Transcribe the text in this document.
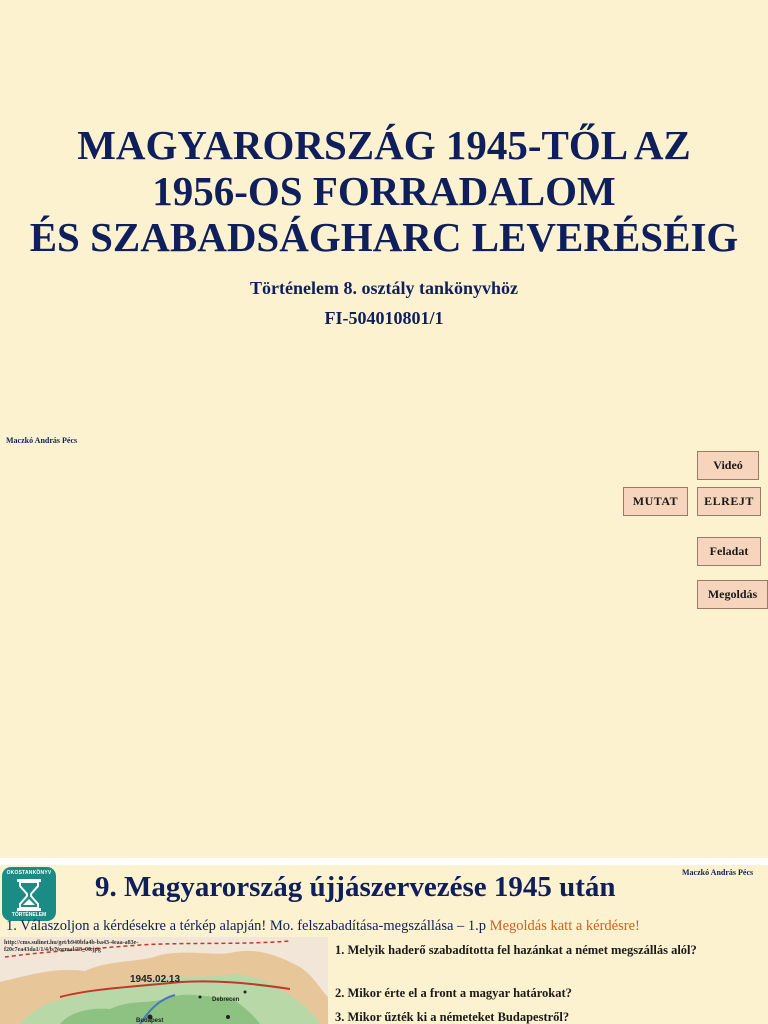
MAGYARORSZÁG 1945-TŐL AZ
1956-OS FORRADALOM
ÉS SZABADSÁGHARC LEVERÉSÉIG
Történelem 8. osztály tankönyvhöz
FI-504010801/1
Maczkó András Pécs
Videó
MUTAT	ELREJT
Feladat
Megoldás
OKOSTANKÖNYV
TÖRTÉNELEM
9. Magyarország újjászervezése 1945 után	Maczkó András Pécs
1. Válaszoljon a kérdésekre a térkép alapján! Mo. felszabadítása-megszállása – 1.p Megoldás katt a kérdésre!
http://cms.sulinet.hu/get/b940bfa4b-ba43-4eaa-a83e-f20c7ea43da1/1/4/b/Normal/38_00.jpg
1945.02.13
Budapest
Debrecen
1. Melyik haderő szabadította fel hazánkat a német megszállás alól?
2. Mikor érte el a front a magyar határokat?
3. Mikor űzték ki a németeket Budapestről?
